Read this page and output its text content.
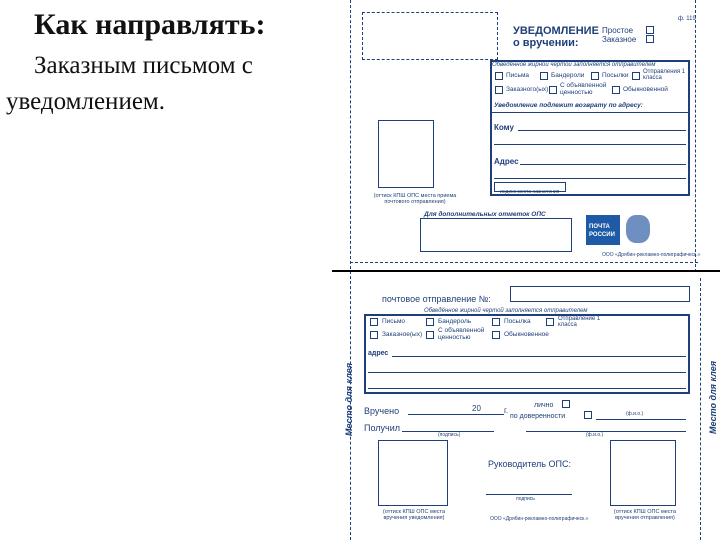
Как направлять:
Заказным письмом с
уведомлением.
ф. 119
УВЕДОМЛЕНИЕ
о вручении:
Простое
Заказное
Обведённое жирной чертой заполняется отправителем
Письма	Бандероли	Посылки Отправления 1 класса
Заказного(ых)
С объявленной ценностью	Обыкновенной
Уведомление подлежит возврату по адресу:
Кому
Адрес
индекс места назначения
(оттиск КПШ ОПС места приема почтового отправления)
Для дополнительных отметок ОПС
ПОЧТА
РОССИИ
ООО «Дрябин-рекламно-полиграфическ.»
почтовое отправление №:
Обведённое жирной чертой заполняется отправителем
Письмо	Бандероль	Посылка	Отправление 1 класса
Заказное(ых)
С объявленной ценностью	Обыкновенное
адрес
Вручено	20	г.
лично
по доверенности	(ф.и.о.)
Получил
(подпись)	(ф.и.о.)
(оттиск КПШ ОПС места вручения уведомления)
(оттиск КПШ ОПС места вручения отправления)
Руководитель ОПС:
подпись
ООО «Дрябин-рекламно-полиграфическ.»
Место для клея	Место для клея
